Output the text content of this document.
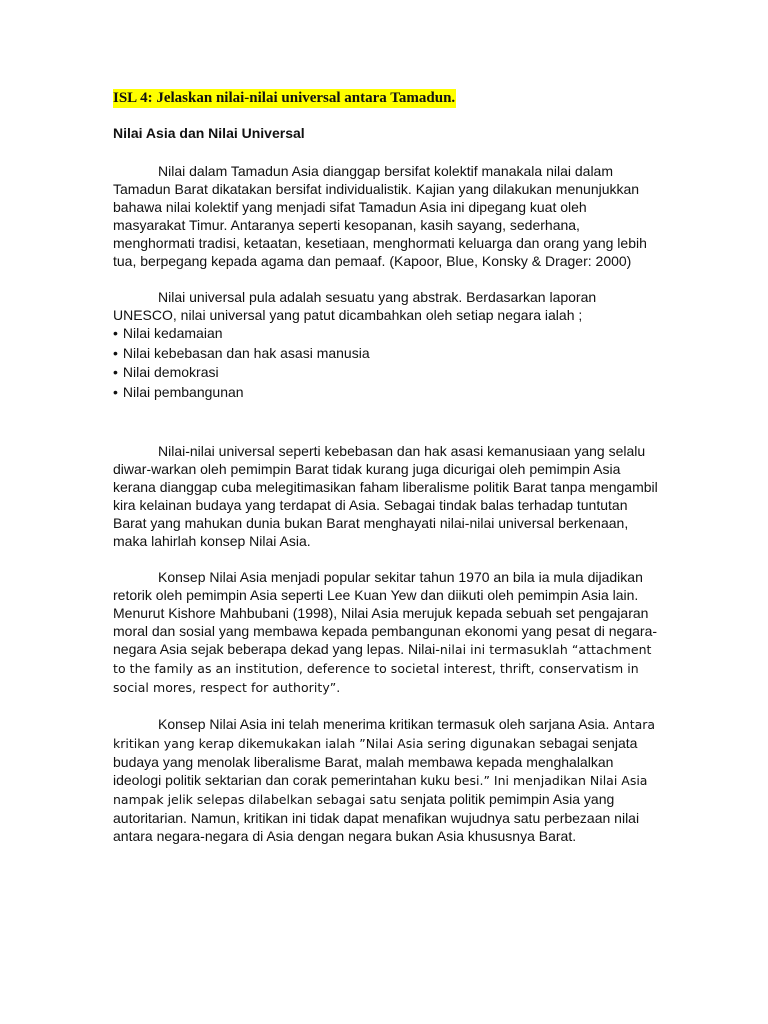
ISL 4: Jelaskan nilai-nilai universal antara Tamadun.

Nilai Asia dan Nilai Universal

Nilai dalam Tamadun Asia dianggap bersifat kolektif manakala nilai dalam Tamadun Barat dikatakan bersifat individualistik. Kajian yang dilakukan menunjukkan bahawa nilai kolektif yang menjadi sifat Tamadun Asia ini dipegang kuat oleh masyarakat Timur. Antaranya seperti kesopanan, kasih sayang, sederhana, menghormati tradisi, ketaatan, kesetiaan, menghormati keluarga dan orang yang lebih tua, berpegang kepada agama dan pemaaf. (Kapoor, Blue, Konsky & Drager: 2000)

Nilai universal pula adalah sesuatu yang abstrak. Berdasarkan laporan UNESCO, nilai universal yang patut dicambahkan oleh setiap negara ialah ;

• Nilai kedamaian
• Nilai kebebasan dan hak asasi manusia
• Nilai demokrasi
• Nilai pembangunan

Nilai-nilai universal seperti kebebasan dan hak asasi kemanusiaan yang selalu diwar-warkan oleh pemimpin Barat tidak kurang juga dicurigai oleh pemimpin Asia kerana dianggap cuba melegitimasikan faham liberalisme politik Barat tanpa mengambil kira kelainan budaya yang terdapat di Asia. Sebagai tindak balas terhadap tuntutan Barat yang mahukan dunia bukan Barat menghayati nilai-nilai universal berkenaan, maka lahirlah konsep Nilai Asia.

Konsep Nilai Asia menjadi popular sekitar tahun 1970 an bila ia mula dijadikan retorik oleh pemimpin Asia seperti Lee Kuan Yew dan diikuti oleh pemimpin Asia lain. Menurut Kishore Mahbubani (1998), Nilai Asia merujuk kepada sebuah set pengajaran moral dan sosial yang membawa kepada pembangunan ekonomi yang pesat di negara-negara Asia sejak beberapa dekad yang lepas. Nilai-nilai ini termasuklah “attachment to the family as an institution, deference to societal interest, thrift, conservatism in social mores, respect for authority”.

Konsep Nilai Asia ini telah menerima kritikan termasuk oleh sarjana Asia. Antara kritikan yang kerap dikemukakan ialah ”Nilai Asia sering digunakan sebagai senjata budaya yang menolak liberalisme Barat, malah membawa kepada menghalalkan ideologi politik sektarian dan corak pemerintahan kuku besi.” Ini menjadikan Nilai Asia nampak jelik selepas dilabelkan sebagai satu senjata politik pemimpin Asia yang autoritarian. Namun, kritikan ini tidak dapat menafikan wujudnya satu perbezaan nilai antara negara-negara di Asia dengan negara bukan Asia khususnya Barat.
